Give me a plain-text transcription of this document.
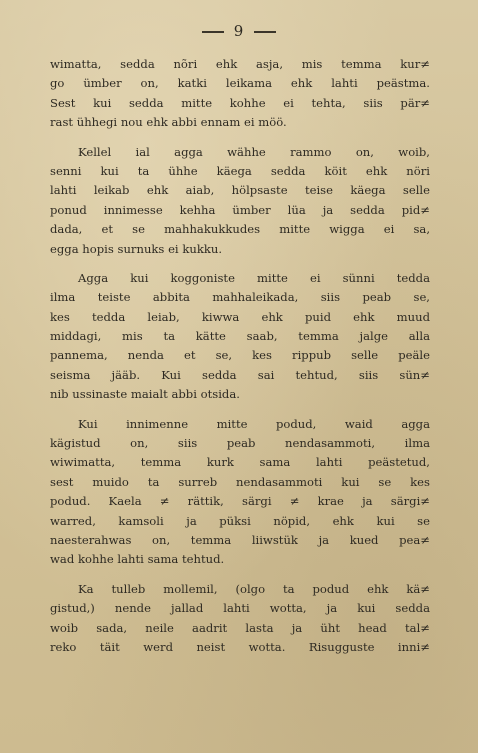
9
wimatta, sedda nõri ehk asja, mis temma kur≠
go ümber on, katki leikama ehk lahti peästma.
Sest kui sedda mitte kohhe ei tehta, siis pär≠
rast ühhegi nou ehk abbi ennam ei möö.
Kellel ial agga wähhe rammo on, woib,
senni kui ta ühhe käega sedda köit ehk nöri
lahti leikab ehk aiab, hölpsaste teise käega selle
ponud innimesse kehha ümber lüa ja sedda pid≠
dada, et se mahhakukkudes mitte wigga ei sa,
egga hopis surnuks ei kukku.
Agga kui koggoniste mitte ei sünni tedda
ilma teiste abbita mahhaleikada, siis peab se,
kes tedda leiab, kiwwa ehk puid ehk muud
middagi, mis ta kätte saab, temma jalge alla
pannema, nenda et se, kes rippub selle peäle
seisma jääb. Kui sedda sai tehtud, siis sün≠
nib ussinaste maialt abbi otsida.
Kui innimenne mitte podud, waid agga
kägistud on, siis peab nendasammoti, ilma
wiwimatta, temma kurk sama lahti peästetud,
sest muido ta surreb nendasammoti kui se kes
podud. Kaela ≠ rättik, särgi ≠ krae ja särgi≠
warred, kamsoli ja püksi nöpid, ehk kui se
naesterahwas on, temma liiwstük ja kued pea≠
wad kohhe lahti sama tehtud.
Ka tulleb mollemil, (olgo ta podud ehk kä≠
gistud,) nende jallad lahti wotta, ja kui sedda
woib sada, neile aadrit lasta ja üht head tal≠
reko täit werd neist wotta. Risugguste inni≠
